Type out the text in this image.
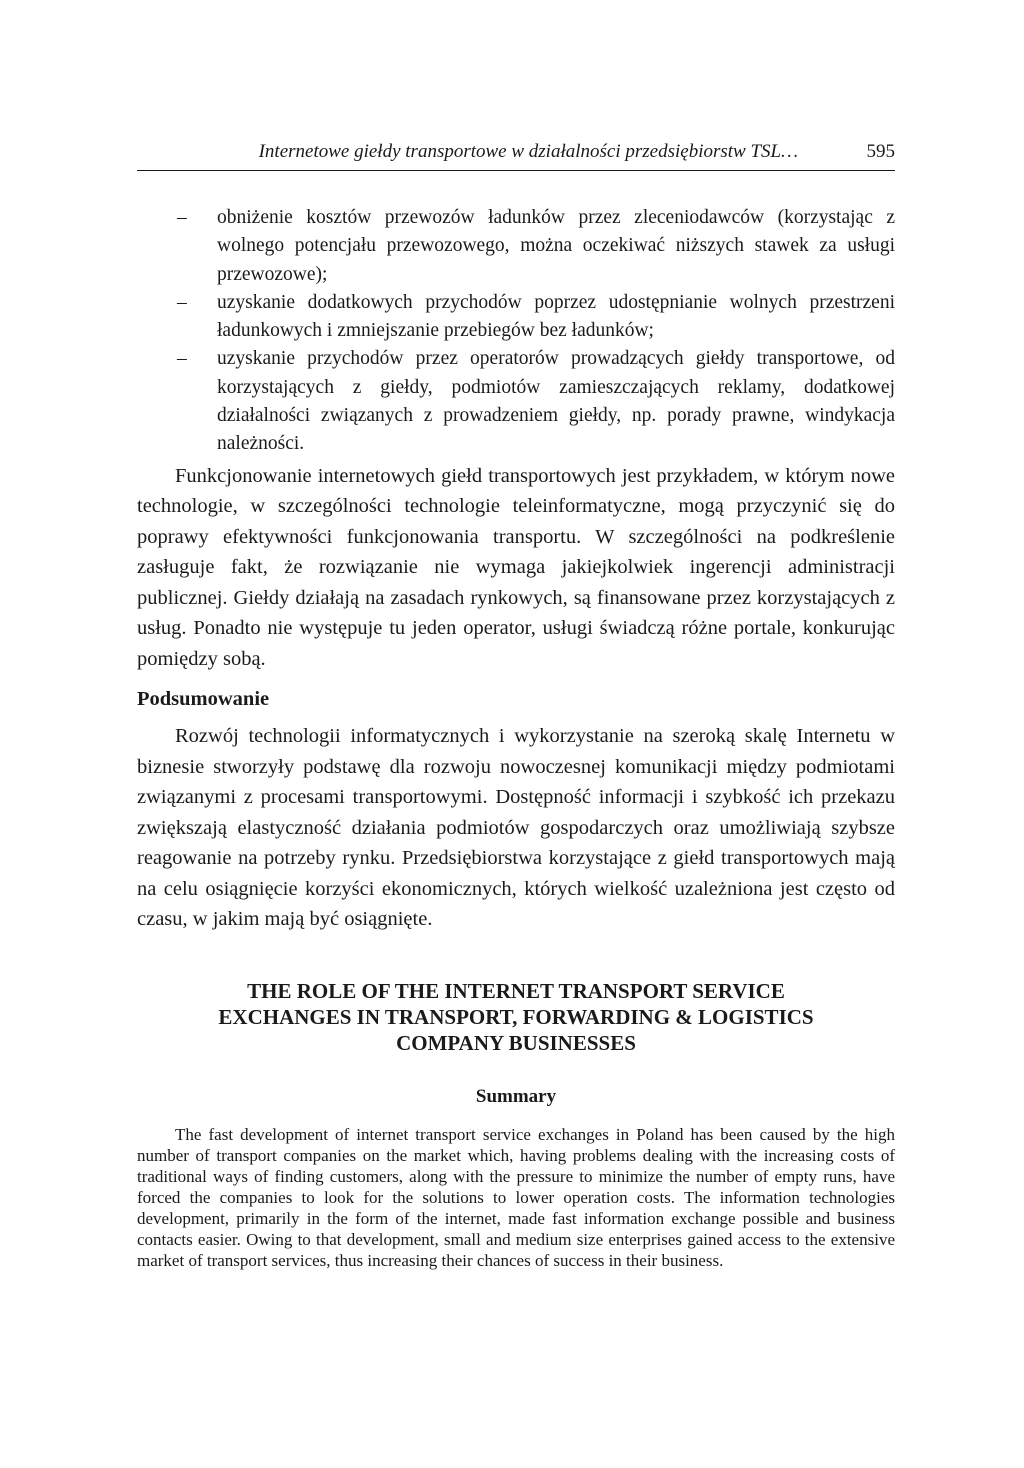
Internetowe giełdy transportowe w działalności przedsiębiorstw TSL…	595
– obniżenie kosztów przewozów ładunków przez zleceniodawców (korzystając z wolnego potencjału przewozowego, można oczekiwać niższych stawek za usługi przewozowe);
– uzyskanie dodatkowych przychodów poprzez udostępnianie wolnych przestrzeni ładunkowych i zmniejszanie przebiegów bez ładunków;
– uzyskanie przychodów przez operatorów prowadzących giełdy transportowe, od korzystających z giełdy, podmiotów zamieszczających reklamy, dodatkowej działalności związanych z prowadzeniem giełdy, np. porady prawne, windykacja należności.

Funkcjonowanie internetowych giełd transportowych jest przykładem, w którym nowe technologie, w szczególności technologie teleinformatyczne, mogą przyczynić się do poprawy efektywności funkcjonowania transportu. W szczególności na podkreślenie zasługuje fakt, że rozwiązanie nie wymaga jakiejkolwiek ingerencji administracji publicznej. Giełdy działają na zasadach rynkowych, są finansowane przez korzystających z usług. Ponadto nie występuje tu jeden operator, usługi świadczą różne portale, konkurując pomiędzy sobą.

Podsumowanie

Rozwój technologii informatycznych i wykorzystanie na szeroką skalę Internetu w biznesie stworzyły podstawę dla rozwoju nowoczesnej komunikacji między podmiotami związanymi z procesami transportowymi. Dostępność informacji i szybkość ich przekazu zwiększają elastyczność działania podmiotów gospodarczych oraz umożliwiają szybsze reagowanie na potrzeby rynku. Przedsiębiorstwa korzystające z giełd transportowych mają na celu osiągnięcie korzyści ekonomicznych, których wielkość uzależniona jest często od czasu, w jakim mają być osiągnięte.

THE ROLE OF THE INTERNET TRANSPORT SERVICE
EXCHANGES IN TRANSPORT, FORWARDING & LOGISTICS
COMPANY BUSINESSES
Summary

The fast development of internet transport service exchanges in Poland has been caused by the high number of transport companies on the market which, having problems dealing with the increasing costs of traditional ways of finding customers, along with the pressure to minimize the number of empty runs, have forced the companies to look for the solutions to lower operation costs. The information technologies development, primarily in the form of the internet, made fast information exchange possible and business contacts easier. Owing to that development, small and medium size enterprises gained access to the extensive market of transport services, thus increasing their chances of success in their business.
